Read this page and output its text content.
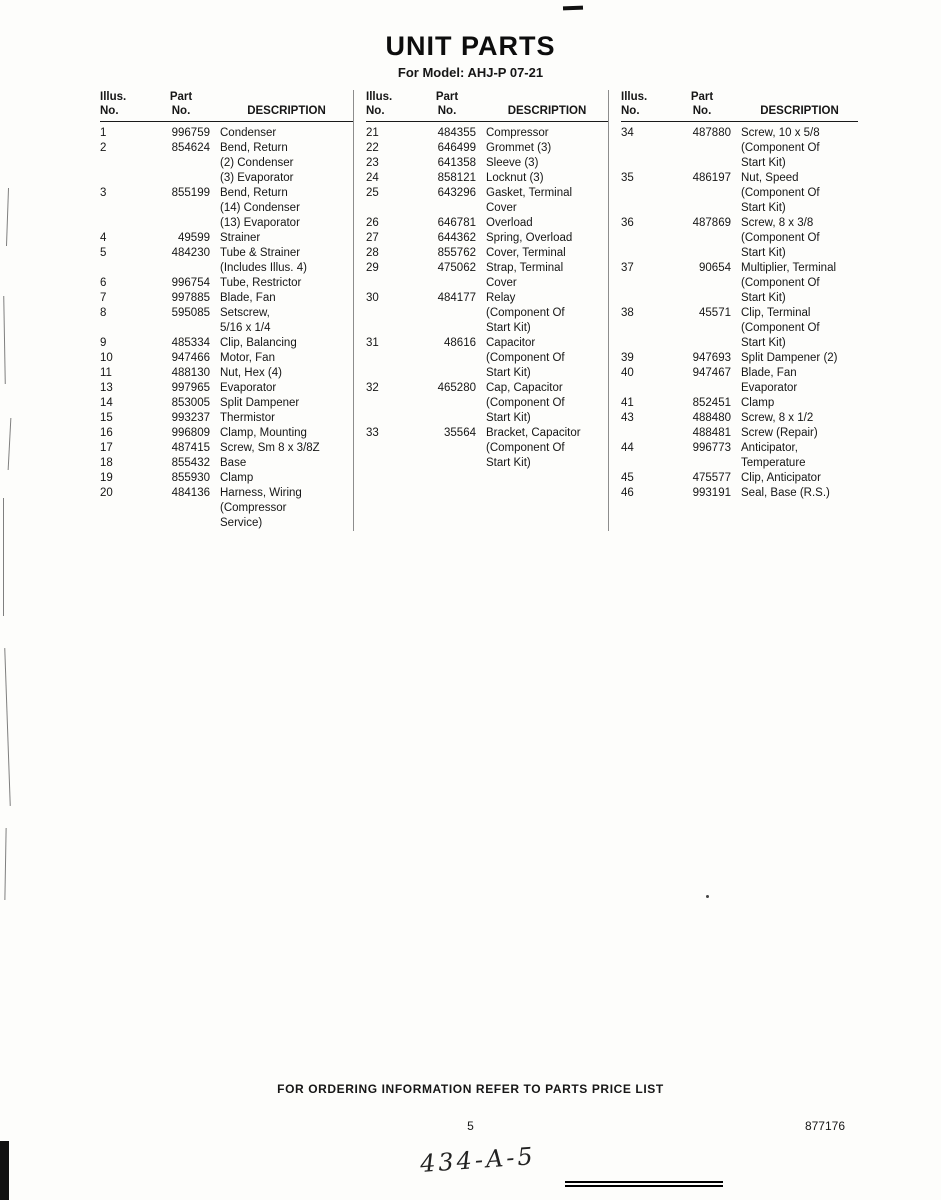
UNIT PARTS
For Model: AHJ-P 07-21
Illus.
No.
Part
No.	DESCRIPTION
1	996759 Condenser
2	854624 Bend, Return
(2) Condenser
(3) Evaporator
3	855199 Bend, Return
(14) Condenser
(13) Evaporator
4	49599 Strainer
5	484230 Tube & Strainer
(Includes Illus. 4)
6	996754 Tube, Restrictor
7	997885 Blade, Fan
8	595085 Setscrew,
5/16 x 1/4
9	485334 Clip, Balancing
10	947466 Motor, Fan
11	488130 Nut, Hex (4)
13	997965 Evaporator
14	853005 Split Dampener
15	993237 Thermistor
16	996809 Clamp, Mounting
17	487415 Screw, Sm 8 x 3/8Z
18	855432 Base
19	855930 Clamp
20	484136 Harness, Wiring
(Compressor
Service)
Illus.
No.
Part
No.	DESCRIPTION
21	484355 Compressor
22	646499 Grommet (3)
23	641358 Sleeve (3)
24	858121 Locknut (3)
25	643296 Gasket, Terminal
Cover
26	646781 Overload
27	644362 Spring, Overload
28	855762 Cover, Terminal
29	475062 Strap, Terminal
Cover
30	484177 Relay
(Component Of
Start Kit)
31	48616 Capacitor
(Component Of
Start Kit)
32	465280 Cap, Capacitor
(Component Of
Start Kit)
33	35564 Bracket, Capacitor
(Component Of
Start Kit)
Illus.
No.
Part
No.	DESCRIPTION
34	487880 Screw, 10 x 5/8
(Component Of
Start Kit)
35	486197 Nut, Speed
(Component Of
Start Kit)
36	487869 Screw, 8 x 3/8
(Component Of
Start Kit)
37	90654 Multiplier, Terminal
(Component Of
Start Kit)
38	45571 Clip, Terminal
(Component Of
Start Kit)
39	947693 Split Dampener (2)
40	947467 Blade, Fan
Evaporator
41	852451 Clamp
43	488480 Screw, 8 x 1/2
488481 Screw (Repair)
44	996773 Anticipator,
Temperature
45	475577 Clip, Anticipator
46	993191 Seal, Base (R.S.)
FOR ORDERING INFORMATION REFER TO PARTS PRICE LIST
5	877176
434-A-5
